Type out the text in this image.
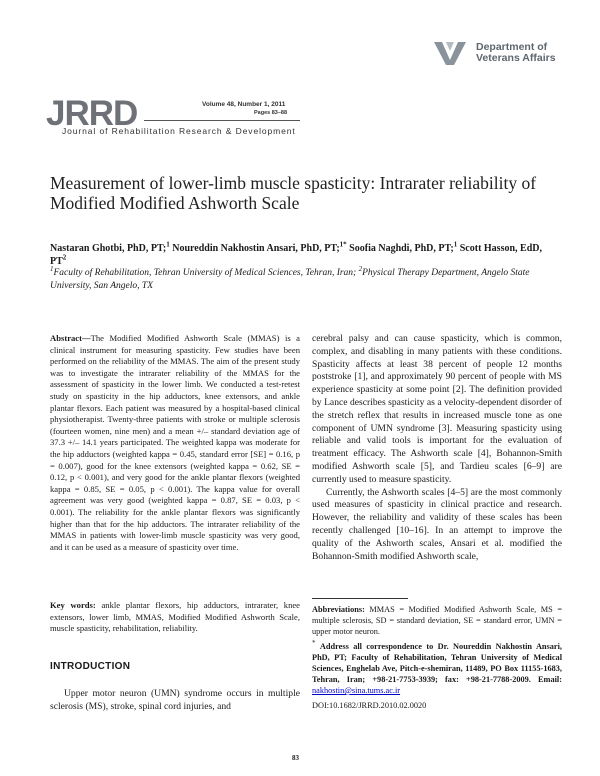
Department of
Veterans Affairs
JRRD	Volume 48, Number 1, 2011
Pages 83–88
Journal of Rehabilitation Research & Development
Measurement of lower-limb muscle spasticity: Intrarater reliability of Modified Modified Ashworth Scale
Nastaran Ghotbi, PhD, PT;$^1$ Noureddin Nakhostin Ansari, PhD, PT;$^{1*}$ Soofia Naghdi, PhD, PT;$^1$ Scott Hasson, EdD, $PT^2$
$^1$Faculty of Rehabilitation, Tehran University of Medical Sciences, Tehran, Iran; $^2$Physical Therapy Department, Angelo State University, San Angelo, TX
Abstract—The Modified Modified Ashworth Scale (MMAS) is a clinical instrument for measuring spasticity. Few studies have been performed on the reliability of the MMAS. The aim of the present study was to investigate the intrarater reliability of the MMAS for the assessment of spasticity in the lower limb. We conducted a test-retest study on spasticity in the hip adductors, knee extensors, and ankle plantar flexors. Each patient was measured by a hospital-based clinical physiotherapist. Twenty-three patients with stroke or multiple sclerosis (fourteen women, nine men) and a mean +/– standard deviation age of 37.3 +/– 14.1 years participated. The weighted kappa was moderate for the hip adductors (weighted kappa = 0.45, standard error [SE] = 0.16, p = 0.007), good for the knee extensors (weighted kappa = 0.62, SE = 0.12, p < 0.001), and very good for the ankle plantar flexors (weighted kappa = 0.85, SE = 0.05, p < 0.001). The kappa value for overall agreement was very good (weighted kappa = 0.87, SE = 0.03, p < 0.001). The reliability for the ankle plantar flexors was significantly higher than that for the hip adductors. The intrarater reliability of the MMAS in patients with lower-limb muscle spasticity was very good, and it can be used as a measure of spasticity over time.
Key words: ankle plantar flexors, hip adductors, intrarater, knee extensors, lower limb, MMAS, Modified Modified Ashworth Scale, muscle spasticity, rehabilitation, reliability.
INTRODUCTION
Upper motor neuron (UMN) syndrome occurs in multiple sclerosis (MS), stroke, spinal cord injuries, and

cerebral palsy and can cause spasticity, which is common, complex, and disabling in many patients with these conditions. Spasticity affects at least 38 percent of people 12 months poststroke [1], and approximately 90 percent of people with MS experience spasticity at some point [2]. The definition provided by Lance describes spasticity as a velocity-dependent disorder of the stretch reflex that results in increased muscle tone as one component of UMN syndrome [3]. Measuring spasticity using reliable and valid tools is important for the evaluation of treatment efficacy. The Ashworth scale [4], Bohannon-Smith modified Ashworth scale [5], and Tardieu scales [6–9] are currently used to measure spasticity.

Currently, the Ashworth scales [4–5] are the most commonly used measures of spasticity in clinical practice and research. However, the reliability and validity of these scales has been recently challenged [10–16]. In an attempt to improve the quality of the Ashworth scales, Ansari et al. modified the Bohannon-Smith modified Ashworth scale,

Abbreviations: MMAS = Modified Modified Ashworth Scale, MS = multiple sclerosis, SD = standard deviation, SE = standard error, UMN = upper motor neuron.

* Address all correspondence to Dr. Noureddin Nakhostin Ansari, PhD, PT; Faculty of Rehabilitation, Tehran University of Medical Sciences, Enghelab Ave, Pitch-e-shemiran, 11489, PO Box 11155-1683, Tehran, Iran; +98-21-7753-3939; fax: +98-21-7788-2009. Email: nakhostin@sina.tums.ac.ir

DOI:10.1682/JRRD.2010.02.0020

83
